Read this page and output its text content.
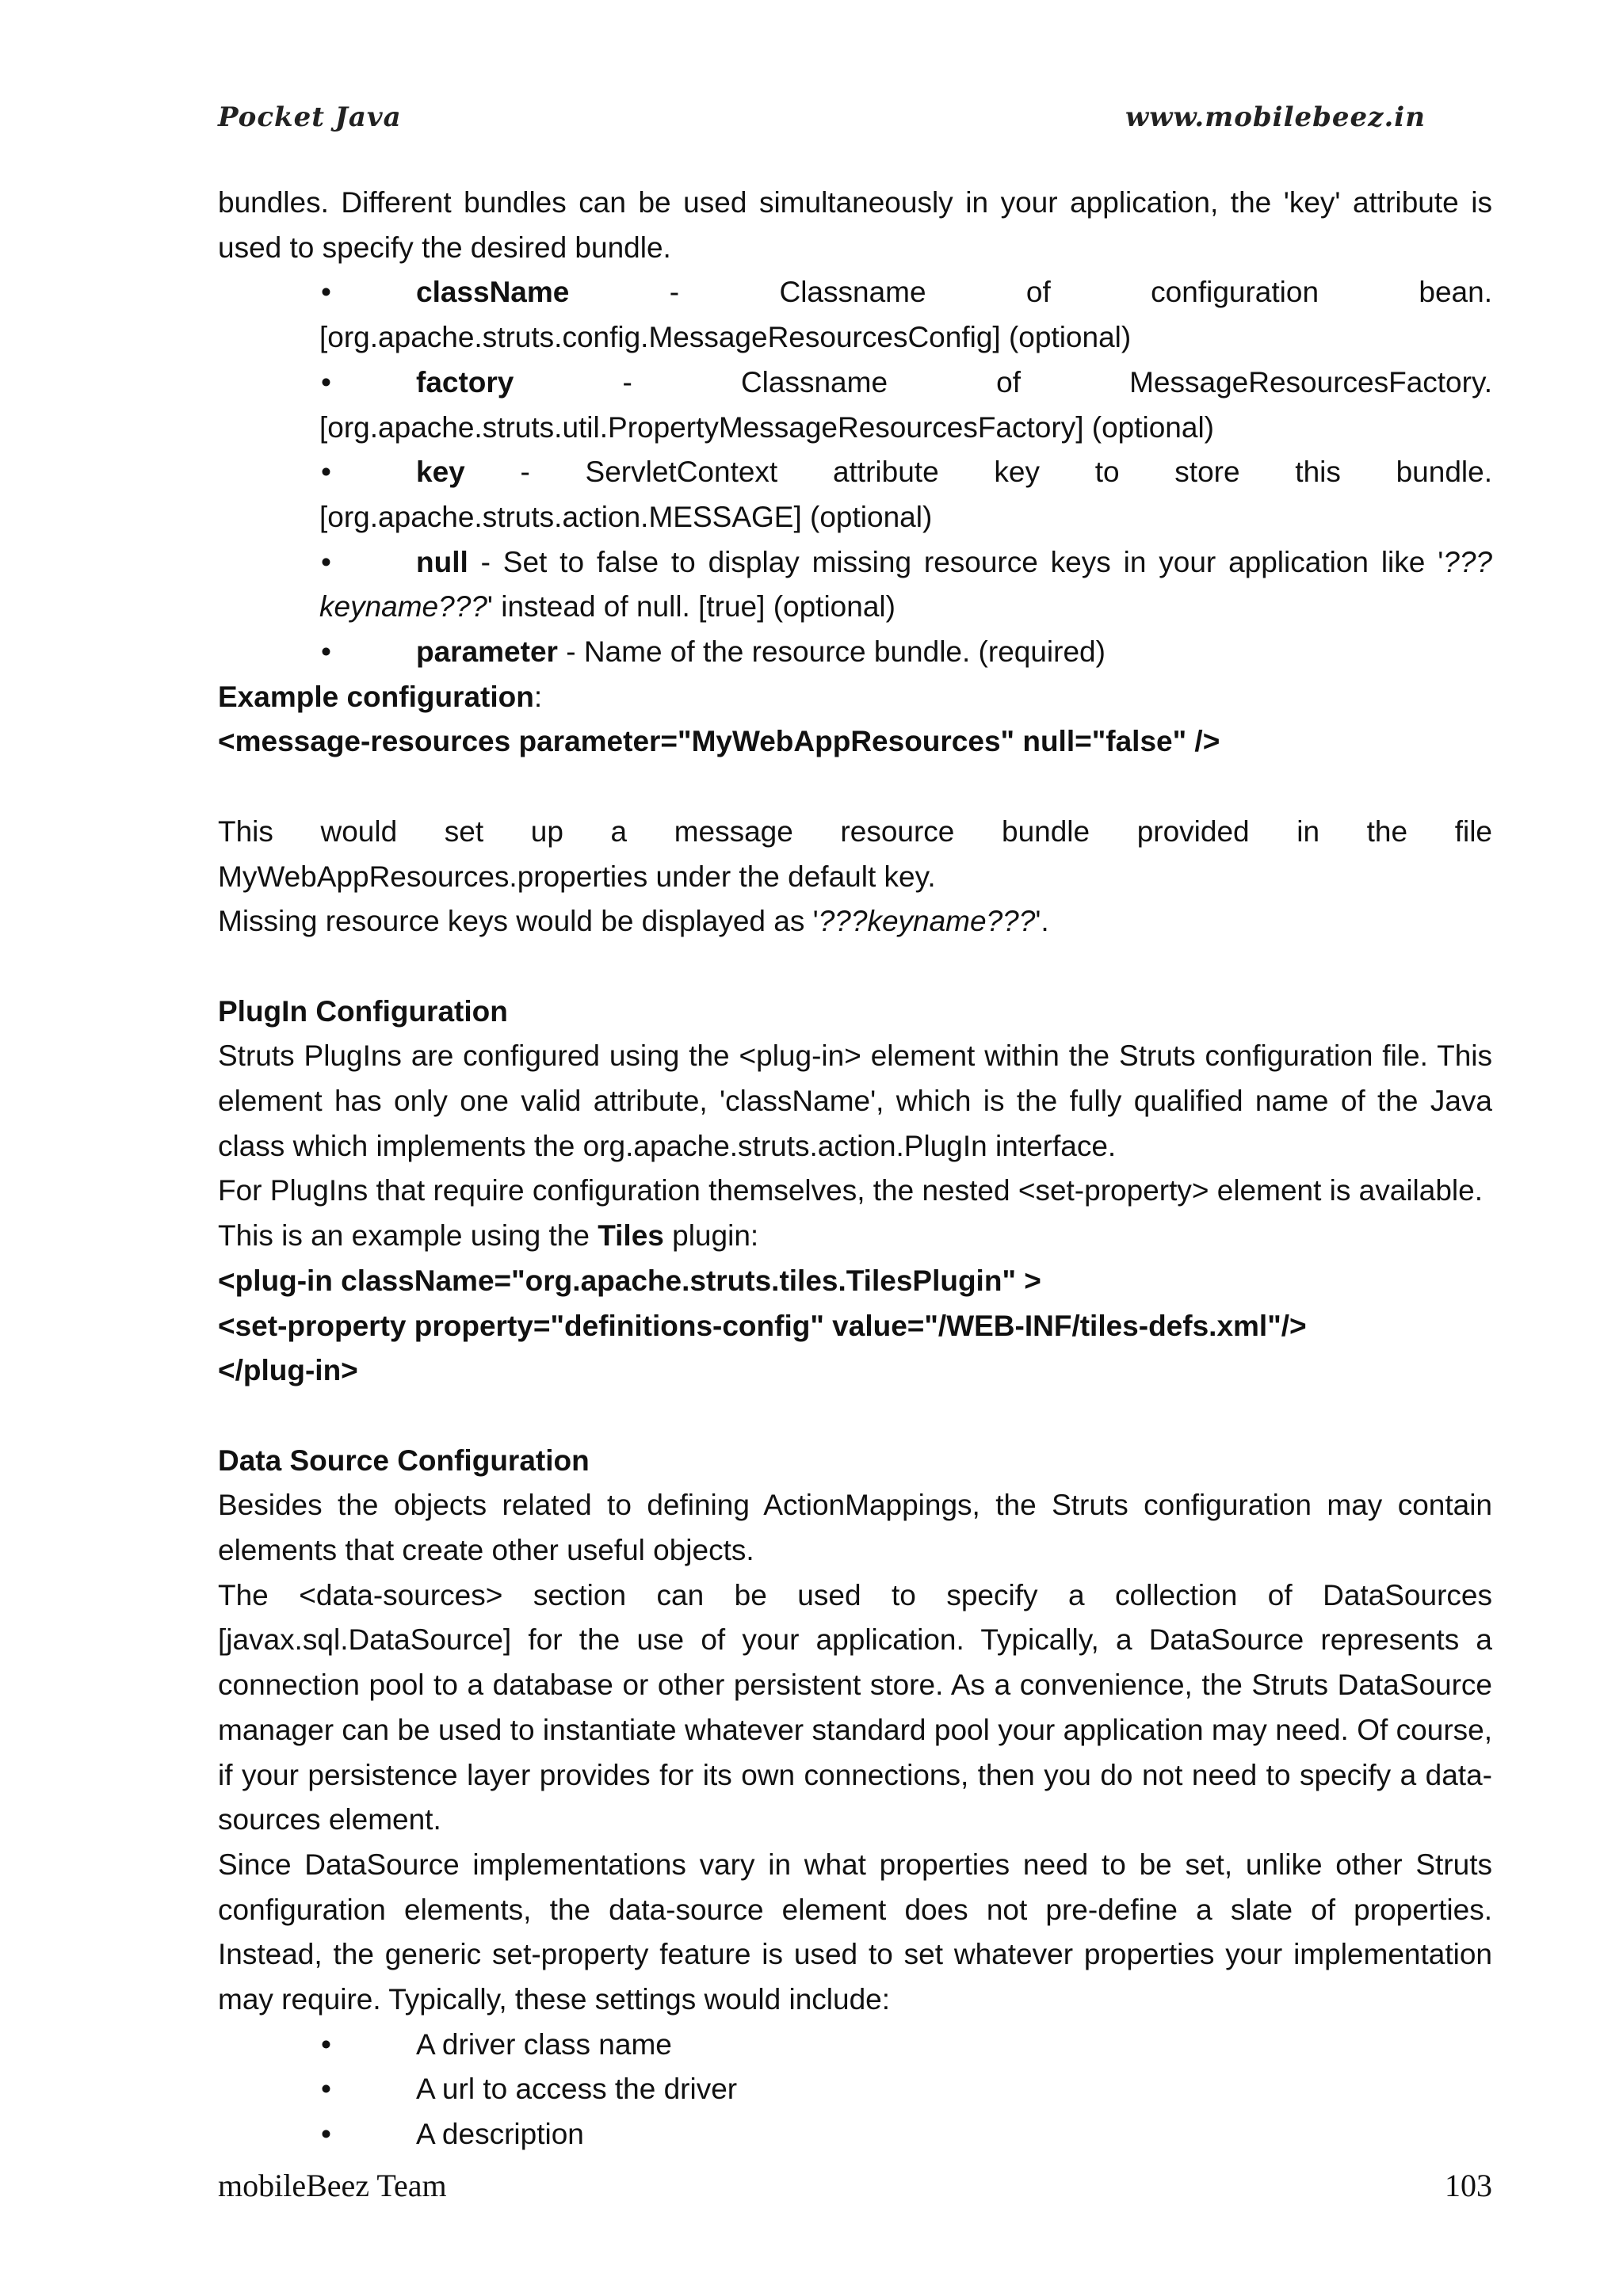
Pocket Java	www.mobilebeez.in

bundles. Different bundles can be used simultaneously in your application, the 'key' attribute is used to specify the desired bundle.

•	className - Classname of configuration bean. [org.apache.struts.config.MessageResourcesConfig] (optional)

•	factory - Classname of MessageResourcesFactory. [org.apache.struts.util.PropertyMessageResourcesFactory] (optional)

•	key - ServletContext attribute key to store this bundle. [org.apache.struts.action.MESSAGE] (optional)

•	null - Set to false to display missing resource keys in your application like '??? keyname???' instead of null. [true] (optional)

•	parameter - Name of the resource bundle. (required)

Example configuration:

<message-resources parameter="MyWebAppResources" null="false" />

This would set up a message resource bundle provided in the file MyWebAppResources.properties under the default key.

Missing resource keys would be displayed as '???keyname???'.

PlugIn Configuration

Struts PlugIns are configured using the <plug-in> element within the Struts configuration file. This element has only one valid attribute, 'className', which is the fully qualified name of the Java class which implements the org.apache.struts.action.PlugIn interface.

For PlugIns that require configuration themselves, the nested <set-property> element is available.

This is an example using the Tiles plugin:

<plug-in className="org.apache.struts.tiles.TilesPlugin" >

<set-property property="definitions-config" value="/WEB-INF/tiles-defs.xml"/>

</plug-in>

Data Source Configuration

Besides the objects related to defining ActionMappings, the Struts configuration may contain elements that create other useful objects.

The <data-sources> section can be used to specify a collection of DataSources [javax.sql.DataSource] for the use of your application. Typically, a DataSource represents a connection pool to a database or other persistent store. As a convenience, the Struts DataSource manager can be used to instantiate whatever standard pool your application may need. Of course, if your persistence layer provides for its own connections, then you do not need to specify a data-sources element.

Since DataSource implementations vary in what properties need to be set, unlike other Struts configuration elements, the data-source element does not pre-define a slate of properties. Instead, the generic set-property feature is used to set whatever properties your implementation may require. Typically, these settings would include:

•	A driver class name

•	A url to access the driver

•	A description

mobileBeez Team	103
